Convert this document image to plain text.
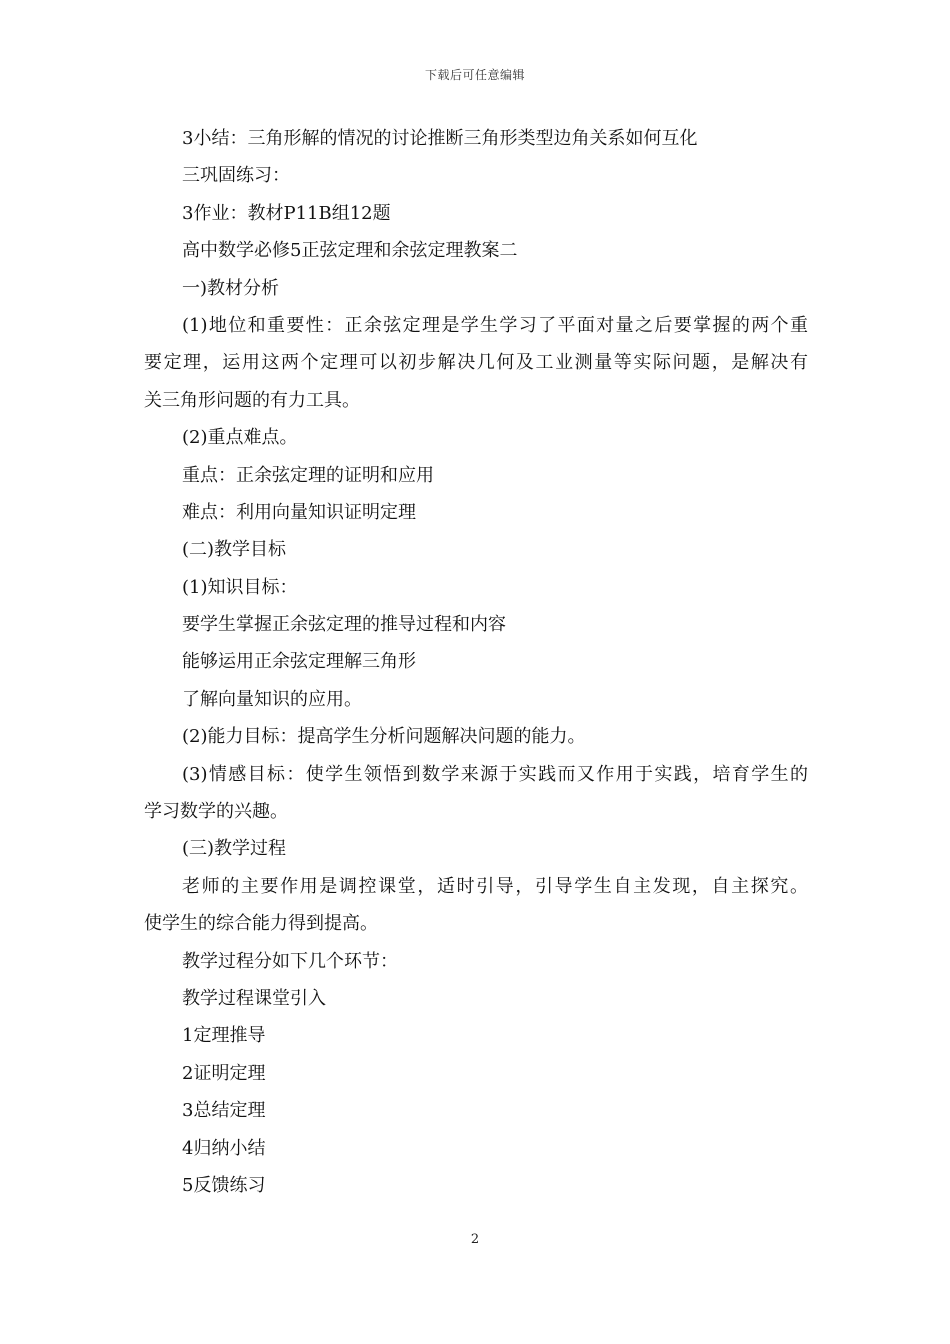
下载后可任意编辑
3小结：三角形解的情况的讨论推断三角形类型边角关系如何互化
三巩固练习：
3作业：教材P11B组12题
高中数学必修5正弦定理和余弦定理教案二
一)教材分析
(1)地位和重要性：正余弦定理是学生学习了平面对量之后要掌握的两个重
要定理，运用这两个定理可以初步解决几何及工业测量等实际问题，是解决有
关三角形问题的有力工具。
(2)重点难点。
重点：正余弦定理的证明和应用
难点：利用向量知识证明定理
(二)教学目标
(1)知识目标：
要学生掌握正余弦定理的推导过程和内容
能够运用正余弦定理解三角形
了解向量知识的应用。
(2)能力目标：提高学生分析问题解决问题的能力。
(3)情感目标：使学生领悟到数学来源于实践而又作用于实践，培育学生的
学习数学的兴趣。
(三)教学过程
老师的主要作用是调控课堂，适时引导，引导学生自主发现，自主探究。
使学生的综合能力得到提高。
教学过程分如下几个环节：
教学过程课堂引入
1定理推导
2证明定理
3总结定理
4归纳小结
5反馈练习
2
